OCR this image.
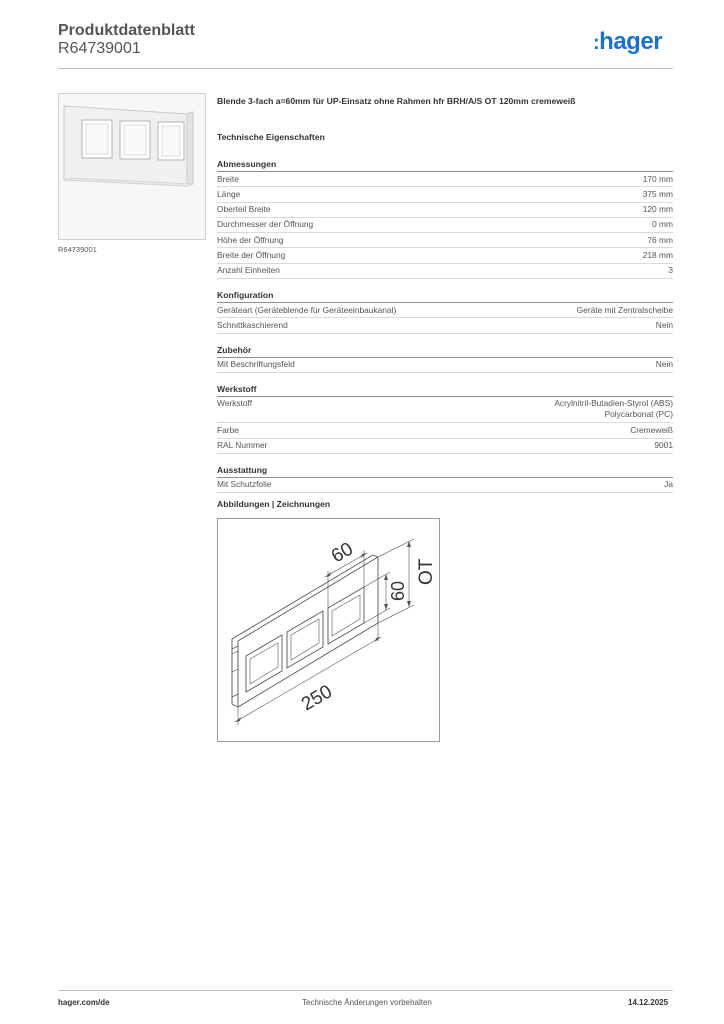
Produktdatenblatt
R64739001	:hager
R64739001
Blende 3-fach a=60mm für UP-Einsatz ohne Rahmen hfr BRH/A/S OT 120mm cremeweiß
Technische Eigenschaften
Abmessungen
Breite	170 mm
Länge	375 mm
Oberteil Breite	120 mm
Durchmesser der Öffnung	0 mm
Höhe der Öffnung	76 mm
Breite der Öffnung	218 mm
Anzahl Einheiten	3
Konfiguration
Geräteart (Geräteblende für Geräteeinbaukanal)	Geräte mit Zentralscheibe
Schnittkaschierend	Nein
Zubehör
Mit Beschriftungsfeld	Nein
Werkstoff
Werkstoff	Acrylnitril-Butadien-Styrol (ABS)
Polycarbonat (PC)
Farbe	Cremeweiß
RAL Nummer	9001
Ausstattung
Mit Schutzfolie	Ja
Abbildungen | Zeichnungen
60
60
OT
250
hager.com/de	Technische Änderungen vorbehalten	14.12.2025
